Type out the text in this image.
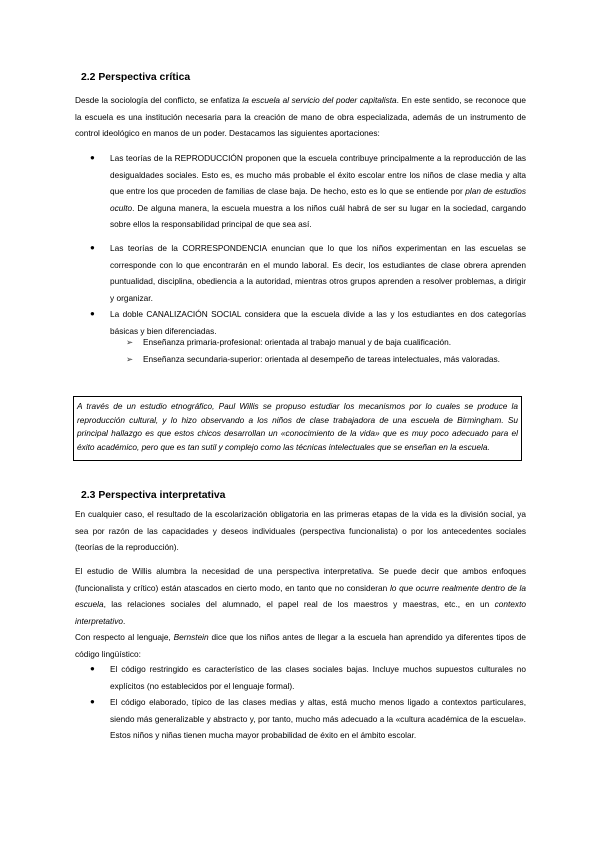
2.2 Perspectiva crítica

Desde la sociología del conflicto, se enfatiza la escuela al servicio del poder capitalista. En este sentido, se reconoce que la escuela es una institución necesaria para la creación de mano de obra especializada, además de un instrumento de control ideológico en manos de un poder. Destacamos las siguientes aportaciones:

● Las teorías de la REPRODUCCIÓN proponen que la escuela contribuye principalmente a la reproducción de las desigualdades sociales. Esto es, es mucho más probable el éxito escolar entre los niños de clase media y alta que entre los que proceden de familias de clase baja. De hecho, esto es lo que se entiende por plan de estudios oculto. De alguna manera, la escuela muestra a los niños cuál habrá de ser su lugar en la sociedad, cargando sobre ellos la responsabilidad principal de que sea así.

● Las teorías de la CORRESPONDENCIA enuncian que lo que los niños experimentan en las escuelas se corresponde con lo que encontrarán en el mundo laboral. Es decir, los estudiantes de clase obrera aprenden puntualidad, disciplina, obediencia a la autoridad, mientras otros grupos aprenden a resolver problemas, a dirigir y organizar.

● La doble CANALIZACIÓN SOCIAL considera que la escuela divide a las y los estudiantes en dos categorías básicas y bien diferenciadas.

➢ Enseñanza primaria-profesional: orientada al trabajo manual y de baja cualificación.

➢ Enseñanza secundaria-superior: orientada al desempeño de tareas intelectuales, más valoradas.

A través de un estudio etnográfico, Paul Willis se propuso estudiar los mecanismos por lo cuales se produce la reproducción cultural, y lo hizo observando a los niños de clase trabajadora de una escuela de Birmingham. Su principal hallazgo es que estos chicos desarrollan un «conocimiento de la vida» que es muy poco adecuado para el éxito académico, pero que es tan sutil y complejo como las técnicas intelectuales que se enseñan en la escuela.

2.3 Perspectiva interpretativa

En cualquier caso, el resultado de la escolarización obligatoria en las primeras etapas de la vida es la división social, ya sea por razón de las capacidades y deseos individuales (perspectiva funcionalista) o por los antecedentes sociales (teorías de la reproducción).

El estudio de Willis alumbra la necesidad de una perspectiva interpretativa. Se puede decir que ambos enfoques (funcionalista y crítico) están atascados en cierto modo, en tanto que no consideran lo que ocurre realmente dentro de la escuela, las relaciones sociales del alumnado, el papel real de los maestros y maestras, etc., en un contexto interpretativo.

Con respecto al lenguaje, Bernstein dice que los niños antes de llegar a la escuela han aprendido ya diferentes tipos de código lingüístico:

● El código restringido es característico de las clases sociales bajas. Incluye muchos supuestos culturales no explícitos (no establecidos por el lenguaje formal).

● El código elaborado, típico de las clases medias y altas, está mucho menos ligado a contextos particulares, siendo más generalizable y abstracto y, por tanto, mucho más adecuado a la «cultura académica de la escuela». Estos niños y niñas tienen mucha mayor probabilidad de éxito en el ámbito escolar.
